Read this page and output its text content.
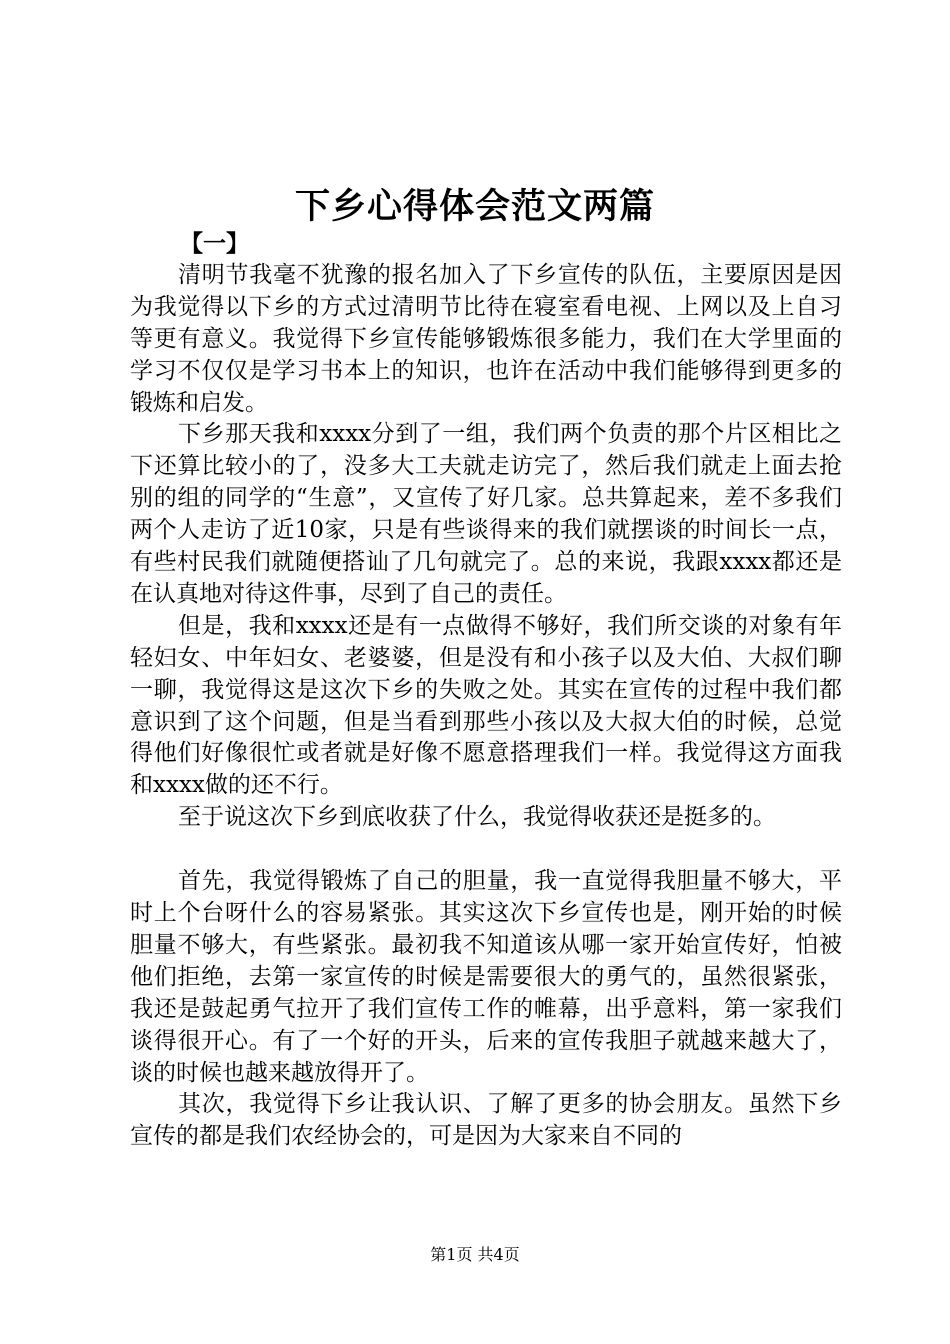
下乡心得体会范文两篇

【一】

清明节我毫不犹豫的报名加入了下乡宣传的队伍，主要原因是因为我觉得以下乡的方式过清明节比待在寝室看电视、上网以及上自习等更有意义。我觉得下乡宣传能够锻炼很多能力，我们在大学里面的学习不仅仅是学习书本上的知识，也许在活动中我们能够得到更多的锻炼和启发。

下乡那天我和xxxx分到了一组，我们两个负责的那个片区相比之下还算比较小的了，没多大工夫就走访完了，然后我们就走上面去抢别的组的同学的“生意”，又宣传了好几家。总共算起来，差不多我们两个人走访了近10家，只是有些谈得来的我们就摆谈的时间长一点，有些村民我们就随便搭讪了几句就完了。总的来说，我跟xxxx都还是在认真地对待这件事，尽到了自己的责任。

但是，我和xxxx还是有一点做得不够好，我们所交谈的对象有年轻妇女、中年妇女、老婆婆，但是没有和小孩子以及大伯、大叔们聊一聊，我觉得这是这次下乡的失败之处。其实在宣传的过程中我们都意识到了这个问题，但是当看到那些小孩以及大叔大伯的时候，总觉得他们好像很忙或者就是好像不愿意搭理我们一样。我觉得这方面我和xxxx做的还不行。

至于说这次下乡到底收获了什么，我觉得收获还是挺多的。

首先，我觉得锻炼了自己的胆量，我一直觉得我胆量不够大，平时上个台呀什么的容易紧张。其实这次下乡宣传也是，刚开始的时候胆量不够大，有些紧张。最初我不知道该从哪一家开始宣传好，怕被他们拒绝，去第一家宣传的时候是需要很大的勇气的，虽然很紧张，我还是鼓起勇气拉开了我们宣传工作的帷幕，出乎意料，第一家我们谈得很开心。有了一个好的开头，后来的宣传我胆子就越来越大了，谈的时候也越来越放得开了。

其次，我觉得下乡让我认识、了解了更多的协会朋友。虽然下乡宣传的都是我们农经协会的，可是因为大家来自不同的

第1页 共4页
